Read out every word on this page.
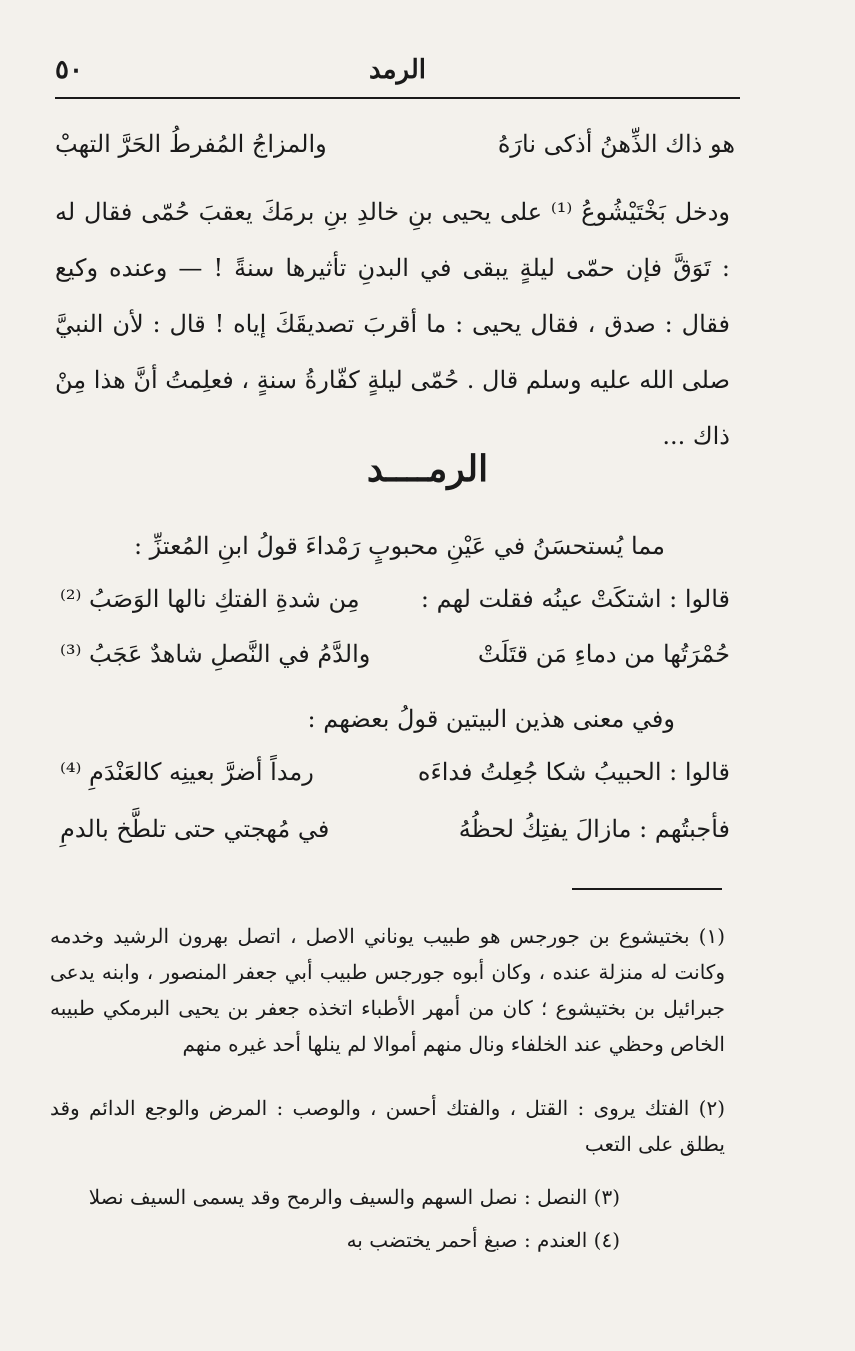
٥٠	الرمد
هو ذاك الذِّهنُ أذكى نارَهُ
والمزاجُ المُفرطُ الحَرَّ التهبْ
ودخل بَخْتَيْشُوعُ ⁽¹⁾ على يحيى بنِ خالدِ بنِ برمَكَ يعقبَ حُمّى فقال له : تَوَقَّ فإن حمّى ليلةٍ يبقى في البدنِ تأثيرها سنةً ! — وعنده وكيع فقال : صدق ، فقال يحيى : ما أقربَ تصديقَكَ إياه ! قال : لأن النبيَّ صلى الله عليه وسلم قال . حُمّى ليلةٍ كفّارةُ سنةٍ ، فعلِمتُ أنَّ هذا مِنْ ذاك ...
الرمــــد
مما يُستحسَنُ في عَيْنِ محبوبٍ رَمْداءَ قولُ ابنِ المُعتزِّ :
قالوا : اشتكَتْ عينُه فقلت لهم :
مِن شدةِ الفتكِ نالها الوَصَبُ ⁽²⁾
حُمْرَتُها من دماءِ مَن قتَلَتْ
والدَّمُ في النَّصلِ شاهدٌ عَجَبُ ⁽³⁾
وفي معنى هذين البيتين قولُ بعضهم :
قالوا : الحبيبُ شكا جُعِلتُ فداءَه
رمداً أضرَّ بعينِه كالعَنْدَمِ ⁽⁴⁾
فأجبتُهم : مازالَ يفتِكُ لحظُهُ
في مُهجتي حتى تلطَّخ بالدمِ
(١) بختيشوع بن جورجس هو طبيب يوناني الاصل ، اتصل بهرون الرشيد وخدمه وكانت له منزلة عنده ، وكان أبوه جورجس طبيب أبي جعفر المنصور ، وابنه يدعى جبرائيل بن بختيشوع ؛ كان من أمهر الأطباء اتخذه جعفر بن يحيى البرمكي طبيبه الخاص وحظي عند الخلفاء ونال منهم أموالا لم ينلها أحد غيره منهم
(٢) الفتك يروى : القتل ، والفتك أحسن ، والوصب : المرض والوجع الدائم وقد يطلق على التعب
(٣) النصل : نصل السهم والسيف والرمح وقد يسمى السيف نصلا
(٤) العندم : صبغ أحمر يختضب به
